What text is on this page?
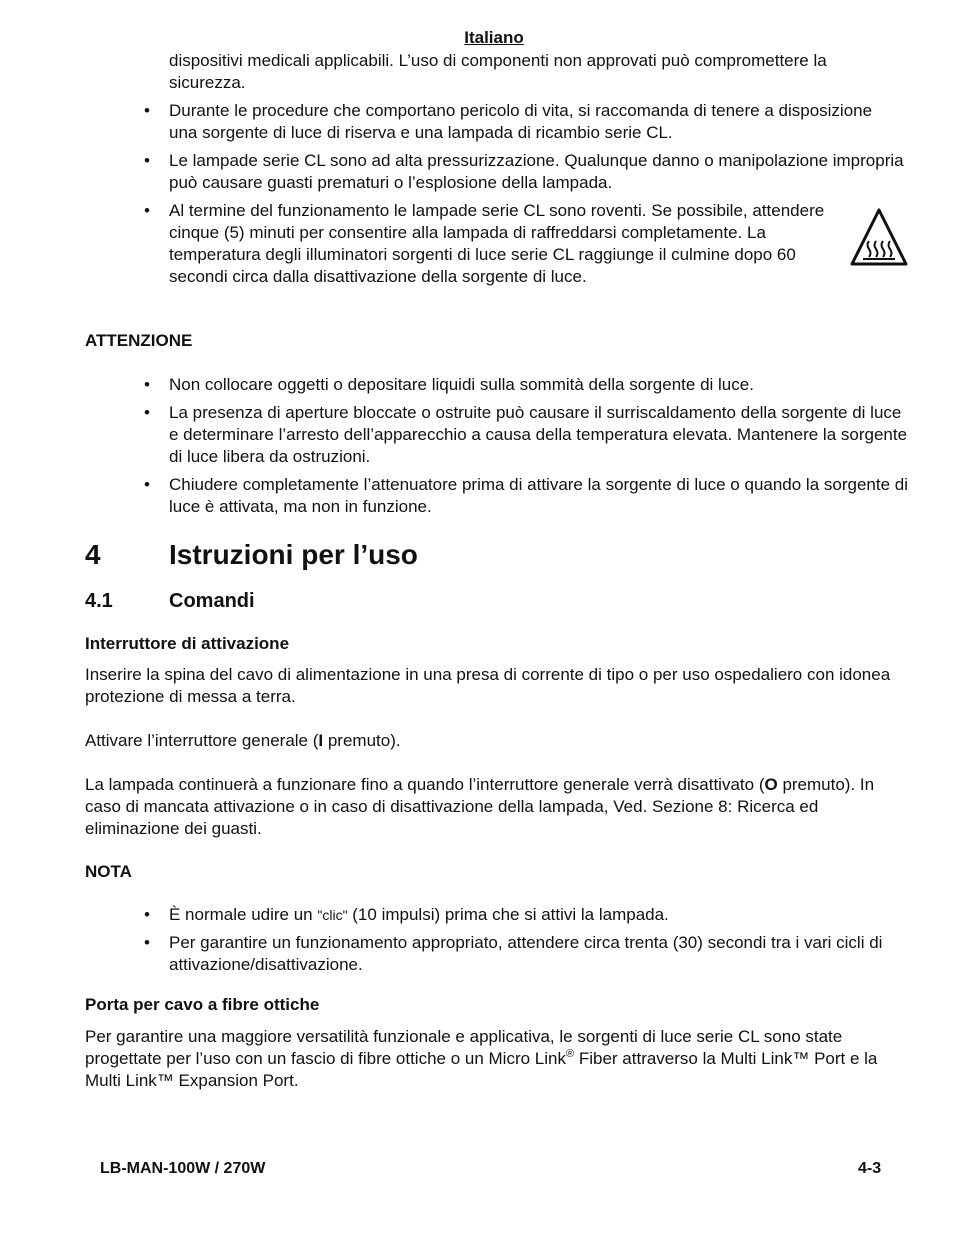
Italiano
dispositivi medicali applicabili. L’uso di componenti non approvati può compromettere la sicurezza.
• Durante le procedure che comportano pericolo di vita, si raccomanda di tenere a disposizione una sorgente di luce di riserva e una lampada di ricambio serie CL.
• Le lampade serie CL sono ad alta pressurizzazione. Qualunque danno o manipolazione impropria può causare guasti prematuri o l’esplosione della lampada.
• Al termine del funzionamento le lampade serie CL sono roventi. Se possibile, attendere cinque (5) minuti per consentire alla lampada di raffreddarsi completamente. La temperatura degli illuminatori sorgenti di luce serie CL raggiunge il culmine dopo 60 secondi circa dalla disattivazione della sorgente di luce.
ATTENZIONE
• Non collocare oggetti o depositare liquidi sulla sommità della sorgente di luce.
• La presenza di aperture bloccate o ostruite può causare il surriscaldamento della sorgente di luce e determinare l’arresto dell’apparecchio a causa della temperatura elevata. Mantenere la sorgente di luce libera da ostruzioni.
• Chiudere completamente l’attenuatore prima di attivare la sorgente di luce o quando la sorgente di luce è attivata, ma non in funzione.
4 Istruzioni per l’uso
4.1	Comandi
Interruttore di attivazione
Inserire la spina del cavo di alimentazione in una presa di corrente di tipo o per uso ospedaliero con idonea protezione di messa a terra.
Attivare l’interruttore generale (I premuto).
La lampada continuerà a funzionare fino a quando l’interruttore generale verrà disattivato (O premuto). In caso di mancata attivazione o in caso di disattivazione della lampada, Ved. Sezione 8: Ricerca ed eliminazione dei guasti.
NOTA
• È normale udire un "clic" (10 impulsi) prima che si attivi la lampada.
• Per garantire un funzionamento appropriato, attendere circa trenta (30) secondi tra i vari cicli di attivazione/disattivazione.
Porta per cavo a fibre ottiche
Per garantire una maggiore versatilità funzionale e applicativa, le sorgenti di luce serie CL sono state progettate per l’uso con un fascio di fibre ottiche o un Micro Link® Fiber attraverso la Multi Link™ Port e la Multi Link™ Expansion Port.
LB-MAN-100W / 270W	4-3
